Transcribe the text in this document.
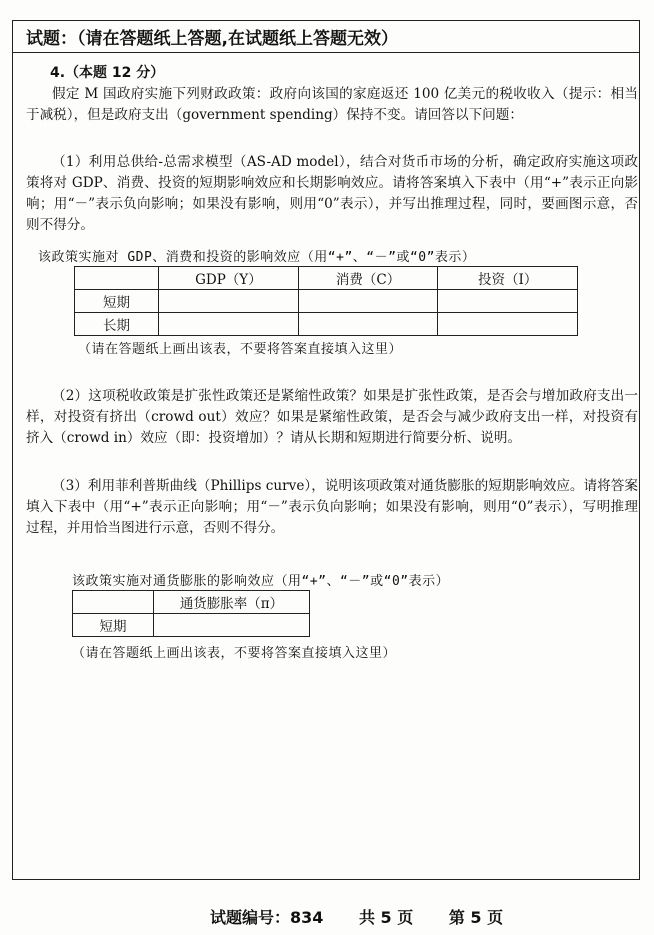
试题：（请在答题纸上答题,在试题纸上答题无效）
4.（本题 12 分）

假定 M 国政府实施下列财政政策：政府向该国的家庭返还 100 亿美元的税收收入（提示：相当于减税），但是政府支出（government spending）保持不变。请回答以下问题：

（1）利用总供给-总需求模型（AS-AD model），结合对货币市场的分析，确定政府实施这项政策将对 GDP、消费、投资的短期影响效应和长期影响效应。请将答案填入下表中（用“+”表示正向影响；用“－”表示负向影响；如果没有影响，则用“0”表示），并写出推理过程，同时，要画图示意，否则不得分。

该政策实施对 GDP、消费和投资的影响效应（用“+”、“－”或“0”表示）
	GDP（Y）	消费（C）	投资（I）
短期			
长期			
（请在答题纸上画出该表，不要将答案直接填入这里）

（2）这项税收政策是扩张性政策还是紧缩性政策？如果是扩张性政策，是否会与增加政府支出一样，对投资有挤出（crowd out）效应？如果是紧缩性政策，是否会与减少政府支出一样，对投资有挤入（crowd in）效应（即：投资增加）？请从长期和短期进行简要分析、说明。

（3）利用菲利普斯曲线（Phillips curve），说明该项政策对通货膨胀的短期影响效应。请将答案填入下表中（用“+”表示正向影响；用“－”表示负向影响；如果没有影响，则用“0”表示），写明推理过程，并用恰当图进行示意，否则不得分。

该政策实施对通货膨胀的影响效应（用“+”、“－”或“0”表示）
	通货膨胀率（π）
短期	
（请在答题纸上画出该表，不要将答案直接填入这里）
试题编号：834 共 5 页 第 5 页
